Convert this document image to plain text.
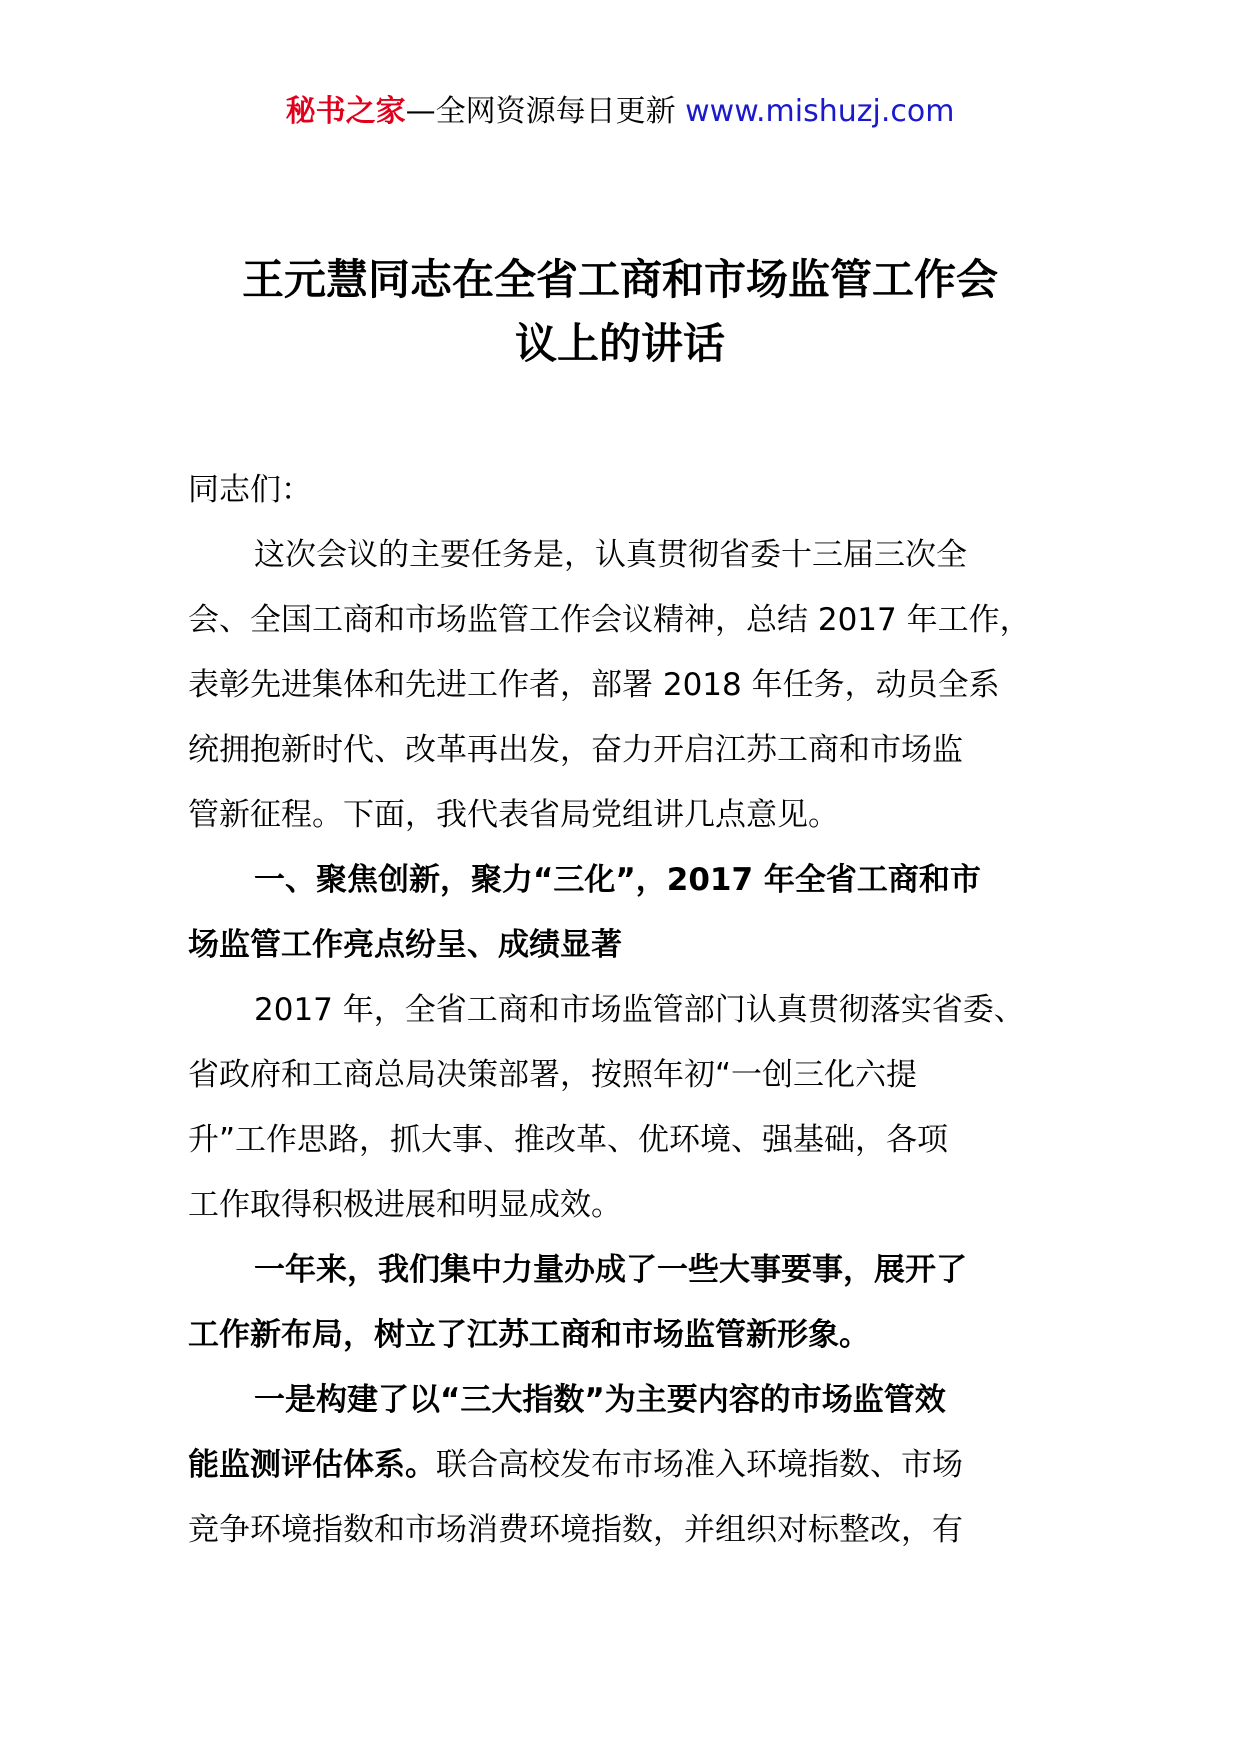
秘书之家—全网资源每日更新 www.mishuzj.com
王元慧同志在全省工商和市场监管工作会
议上的讲话
同志们：
这次会议的主要任务是，认真贯彻省委十三届三次全
会、全国工商和市场监管工作会议精神，总结 2017 年工作，
表彰先进集体和先进工作者，部署 2018 年任务，动员全系
统拥抱新时代、改革再出发，奋力开启江苏工商和市场监
管新征程。下面，我代表省局党组讲几点意见。
一、聚焦创新，聚力“三化”，2017 年全省工商和市
场监管工作亮点纷呈、成绩显著
2017 年，全省工商和市场监管部门认真贯彻落实省委、
省政府和工商总局决策部署，按照年初“一创三化六提
升”工作思路，抓大事、推改革、优环境、强基础，各项
工作取得积极进展和明显成效。
一年来，我们集中力量办成了一些大事要事，展开了
工作新布局，树立了江苏工商和市场监管新形象。
一是构建了以“三大指数”为主要内容的市场监管效
能监测评估体系。联合高校发布市场准入环境指数、市场
竞争环境指数和市场消费环境指数，并组织对标整改，有
